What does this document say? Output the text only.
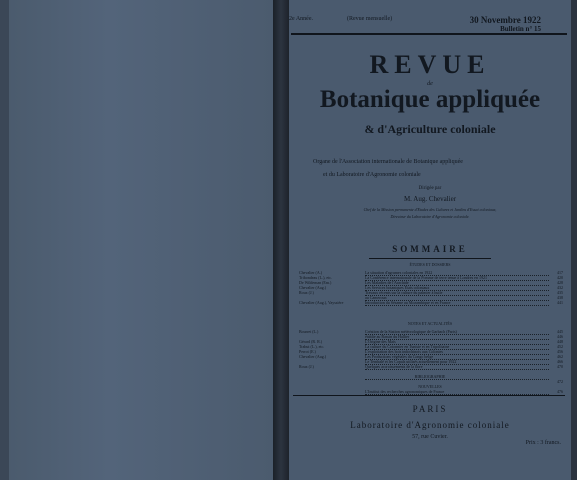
2e Année.	(Revue mensuelle)	30 Novembre 1922
Bulletin n° 15
REVUE
de
Botanique appliquée
& d'Agriculture coloniale
Organe de l'Association internationale de Botanique appliquée
et du Laboratoire d'Agronomie coloniale
Dirigée par
M. Aug. Chevalier
Chef de la Mission permanente d'Etudes des Cultures et Jardins d'Essai coloniaux,
Directeur du Laboratoire d'Agronomie coloniale.
SOMMAIRE
ÉTUDES ET DOSSIERS
Chevalier (A.)	La situation d'agrumes coloniales en 1922	417
Tribondeau (L.), etc.	La Conférence internationale de la Pomme de terre tenue à Londres en 1921	420
De Wildeman (Em.)	Les Maladies de l'Arachide	428
Chevalier (Aug.)	Les Services botaniques Etats coloniaux	432
Roux (J.)	Travaux récents sur la culture du palmier à huile	435
au Cameroun	438
Chevalier (Aug.), Vayssière	Introduction du Sésame au Mozambique et en France	441
NOTES ET ACTUALITÉS
Bourret (L.)	Création de la Station météorologique de Garbach (Paris)	445
établie au Bassin du Hallier	446
Gérard (R. R.)	L'Origine des Maïs	448
Trabut (L.), etc.	La culture du Cotonnier en Tunisie et en Tripolitaine	452
Perrot (E.)	L'exploitation des bois indochinois aux Colonies	456
Chevalier (Aug.)	Les Productions végétales du Congo belge	462
Le Tembalé et les Copals utilisés actuellement pour 1922	466
Roux (J.)	Quelques accroissements de la flore	470
BIBLIOGRAPHIE
472
NOUVELLES
L'Institut des recherches agronomiques de France	476
PARIS
Laboratoire d'Agronomie coloniale
57, rue Cuvier.
Prix : 3 francs.
